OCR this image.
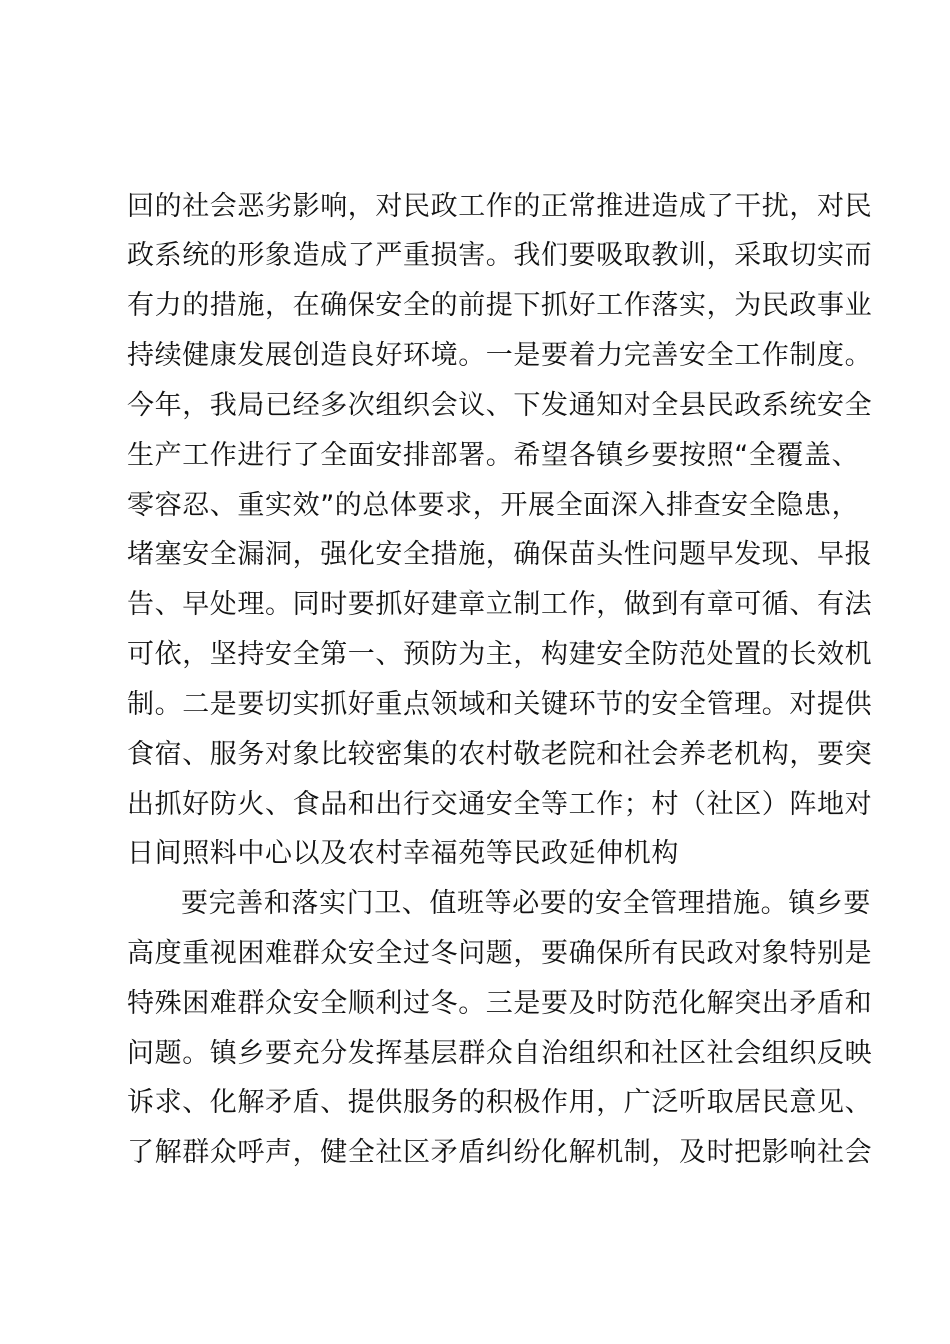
回的社会恶劣影响，对民政工作的正常推进造成了干扰，对民
政系统的形象造成了严重损害。我们要吸取教训，采取切实而
有力的措施，在确保安全的前提下抓好工作落实，为民政事业
持续健康发展创造良好环境。一是要着力完善安全工作制度。
今年，我局已经多次组织会议、下发通知对全县民政系统安全
生产工作进行了全面安排部署。希望各镇乡要按照“全覆盖、
零容忍、重实效”的总体要求，开展全面深入排查安全隐患，
堵塞安全漏洞，强化安全措施，确保苗头性问题早发现、早报
告、早处理。同时要抓好建章立制工作，做到有章可循、有法
可依，坚持安全第一、预防为主，构建安全防范处置的长效机
制。二是要切实抓好重点领域和关键环节的安全管理。对提供
食宿、服务对象比较密集的农村敬老院和社会养老机构，要突
出抓好防火、食品和出行交通安全等工作；村（社区）阵地对
日间照料中心以及农村幸福苑等民政延伸机构
要完善和落实门卫、值班等必要的安全管理措施。镇乡要
高度重视困难群众安全过冬问题，要确保所有民政对象特别是
特殊困难群众安全顺利过冬。三是要及时防范化解突出矛盾和
问题。镇乡要充分发挥基层群众自治组织和社区社会组织反映
诉求、化解矛盾、提供服务的积极作用，广泛听取居民意见、
了解群众呼声，健全社区矛盾纠纷化解机制，及时把影响社会
